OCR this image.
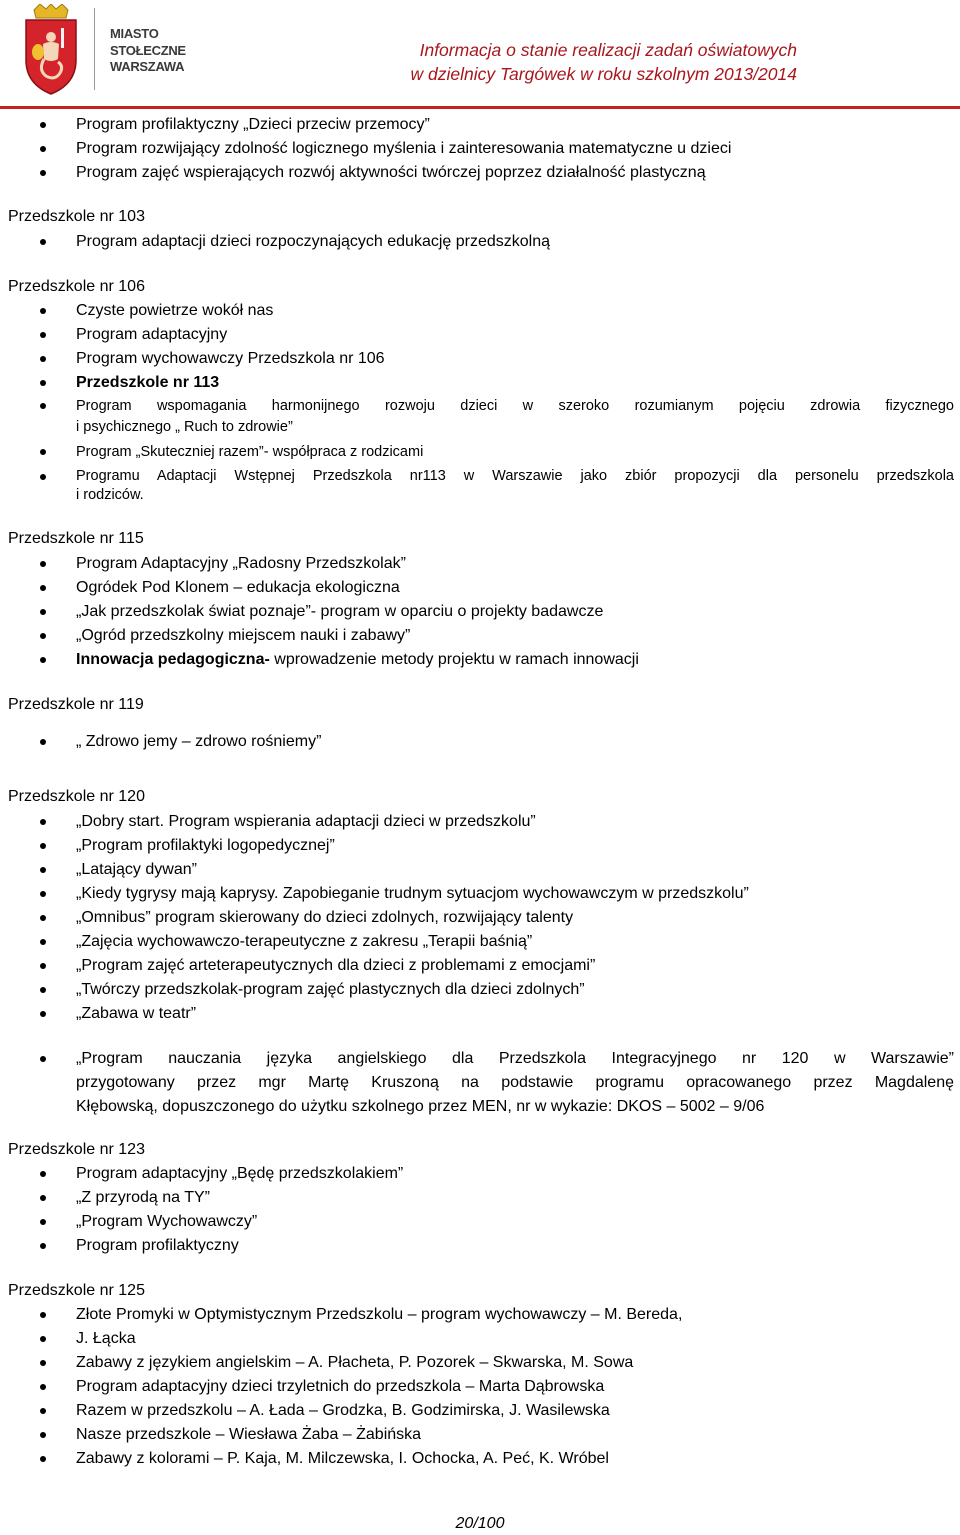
MIASTO
STOŁECZNE
WARSZAWA
Informacja o stanie realizacji zadań oświatowych
w dzielnicy Targówek w roku szkolnym 2013/2014
Program profilaktyczny „Dzieci przeciw przemocy”
Program rozwijający zdolność logicznego myślenia i zainteresowania matematyczne u dzieci
Program zajęć wspierających rozwój aktywności twórczej poprzez działalność plastyczną
Przedszkole nr 103
Program adaptacji dzieci rozpoczynających edukację przedszkolną
Przedszkole nr 106
Czyste powietrze wokół nas
Program adaptacyjny
Program wychowawczy Przedszkola nr 106
Przedszkole nr 113
Program wspomagania harmonijnego rozwoju dzieci w szeroko rozumianym pojęciu zdrowia fizycznego
i psychicznego „ Ruch to zdrowie”
Program „Skuteczniej razem”- współpraca z rodzicami
Programu Adaptacji Wstępnej Przedszkola nr113 w Warszawie jako zbiór propozycji dla personelu przedszkola
i rodziców.
Przedszkole nr 115
Program Adaptacyjny „Radosny Przedszkolak”
Ogródek Pod Klonem – edukacja ekologiczna
„Jak przedszkolak świat poznaje”- program w oparciu o projekty badawcze
„Ogród przedszkolny miejscem nauki i zabawy”
Innowacja pedagogiczna- wprowadzenie metody projektu w ramach innowacji
Przedszkole nr 119
„ Zdrowo jemy – zdrowo rośniemy”
Przedszkole nr 120
„Dobry start. Program wspierania adaptacji dzieci w przedszkolu”
„Program profilaktyki logopedycznej”
„Latający dywan”
„Kiedy tygrysy mają kaprysy. Zapobieganie trudnym sytuacjom wychowawczym w przedszkolu”
„Omnibus” program skierowany do dzieci zdolnych, rozwijający talenty
„Zajęcia wychowawczo-terapeutyczne z zakresu „Terapii baśnią”
„Program zajęć arteterapeutycznych dla dzieci z problemami z emocjami”
„Twórczy przedszkolak-program zajęć plastycznych dla dzieci zdolnych”
„Zabawa w teatr”
„Program nauczania języka angielskiego dla Przedszkola Integracyjnego nr 120 w Warszawie”
przygotowany przez mgr Martę Kruszoną na podstawie programu opracowanego przez Magdalenę
Kłębowską, dopuszczonego do użytku szkolnego przez MEN, nr w wykazie: DKOS – 5002 – 9/06
Przedszkole nr 123
Program adaptacyjny „Będę przedszkolakiem”
„Z przyrodą na TY”
„Program Wychowawczy”
Program profilaktyczny
Przedszkole nr 125
Złote Promyki w Optymistycznym Przedszkolu – program wychowawczy – M. Bereda,
J. Łącka
Zabawy z językiem angielskim – A. Płacheta, P. Pozorek – Skwarska, M. Sowa
Program adaptacyjny dzieci trzyletnich do przedszkola – Marta Dąbrowska
Razem w przedszkolu – A. Łada – Grodzka, B. Godzimirska, J. Wasilewska
Nasze przedszkole – Wiesława Żaba – Żabińska
Zabawy z kolorami – P. Kaja, M. Milczewska, I. Ochocka, A. Peć, K. Wróbel
20/100
